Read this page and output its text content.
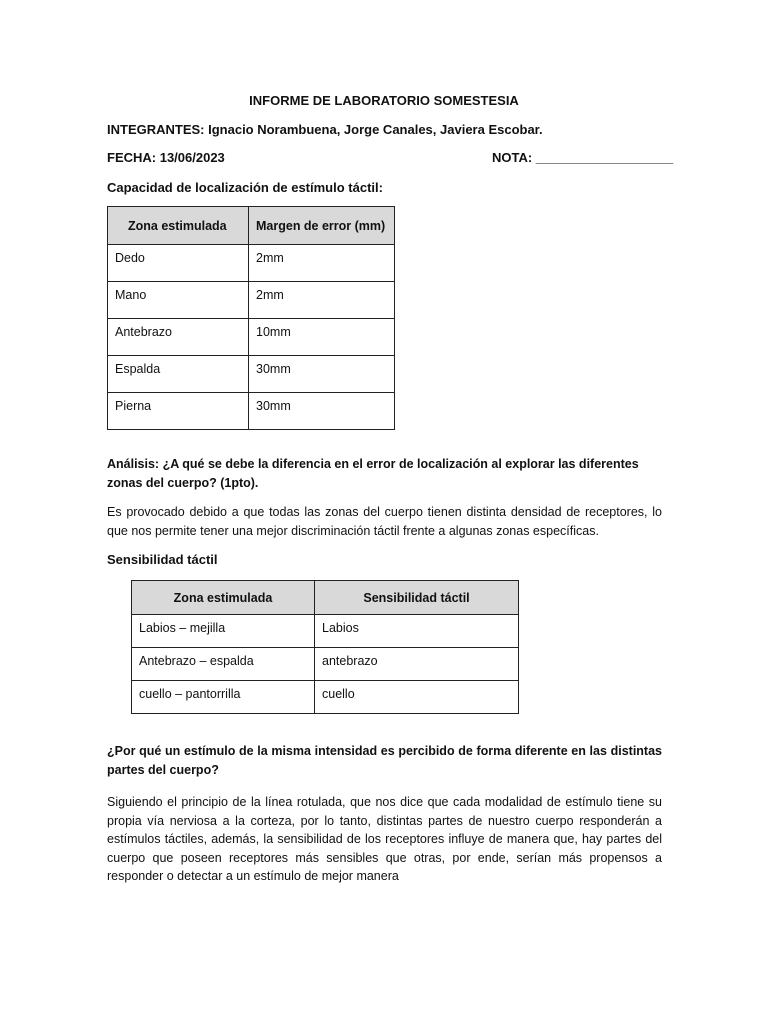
INFORME DE LABORATORIO SOMESTESIA

INTEGRANTES: Ignacio Norambuena, Jorge Canales, Javiera Escobar.

FECHA: 13/06/2023	NOTA: ___________________

Capacidad de localización de estímulo táctil:

Zona estimulada	Margen de error (mm)
Dedo	2mm
Mano	2mm
Antebrazo	10mm
Espalda	30mm
Pierna	30mm

Análisis: ¿A qué se debe la diferencia en el error de localización al explorar las diferentes zonas del cuerpo? (1pto).

Es provocado debido a que todas las zonas del cuerpo tienen distinta densidad de receptores, lo que nos permite tener una mejor discriminación táctil frente a algunas zonas específicas.

Sensibilidad táctil

Zona estimulada	Sensibilidad táctil
Labios – mejilla	Labios
Antebrazo – espalda	antebrazo
cuello – pantorrilla	cuello

¿Por qué un estímulo de la misma intensidad es percibido de forma diferente en las distintas partes del cuerpo?

Siguiendo el principio de la línea rotulada, que nos dice que cada modalidad de estímulo tiene su propia vía nerviosa a la corteza, por lo tanto, distintas partes de nuestro cuerpo responderán a estímulos táctiles, además, la sensibilidad de los receptores influye de manera que, hay partes del cuerpo que poseen receptores más sensibles que otras, por ende, serían más propensos a responder o detectar a un estímulo de mejor manera
